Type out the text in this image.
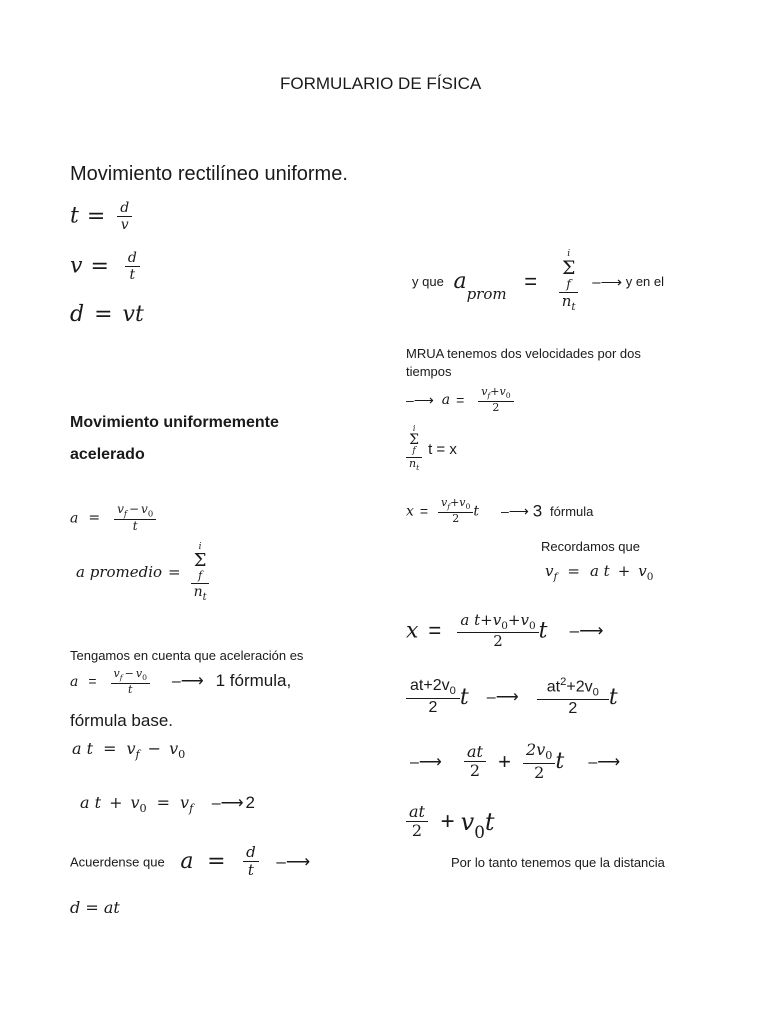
FORMULARIO DE FÍSICA
Movimiento rectilíneo uniforme.
$t = \frac{d}{v}$
$v = \frac{d}{t}$
d = vt
Movimiento uniformemente
acelerado
$a = \frac{v_f - v_0}{t}$
a promedio = i
Σ
f
$n_t$
Tengamos en cuenta que aceleración es
$a = \frac{v_f - v_0}{t}$ –⟶ 1 fórmula,
fórmula base.
a $t = v_f - v_0$
a $t + v_0 = v_f$ –⟶ 2
Acuerdense que $a = \frac{d}{t}$ –⟶
d = at
y que aprom = i
Σ
f
$n_t$ –⟶ y en el
MRUA tenemos dos velocidades por dos
tiempos
–⟶ $a = \frac{v_f+v_0}{2}$
i
Σ
f
$n_t$ t = x
$x = \frac{v_f+v_0}{2}$ t –⟶ 3 fórmula
Recordamos que
$v_f = a$ $t + v_0$
$x = \frac{a t+v_0+v_0}{2}$ t –⟶
$\frac{at+2v_0}{2}$ t –⟶ $\frac{at^2+2v_0}{2}$ t
–⟶ $\frac{at}{2} + \frac{2v_0}{2}$ t –⟶
$\frac{at}{2} + v_0t$
Por lo tanto tenemos que la distancia
